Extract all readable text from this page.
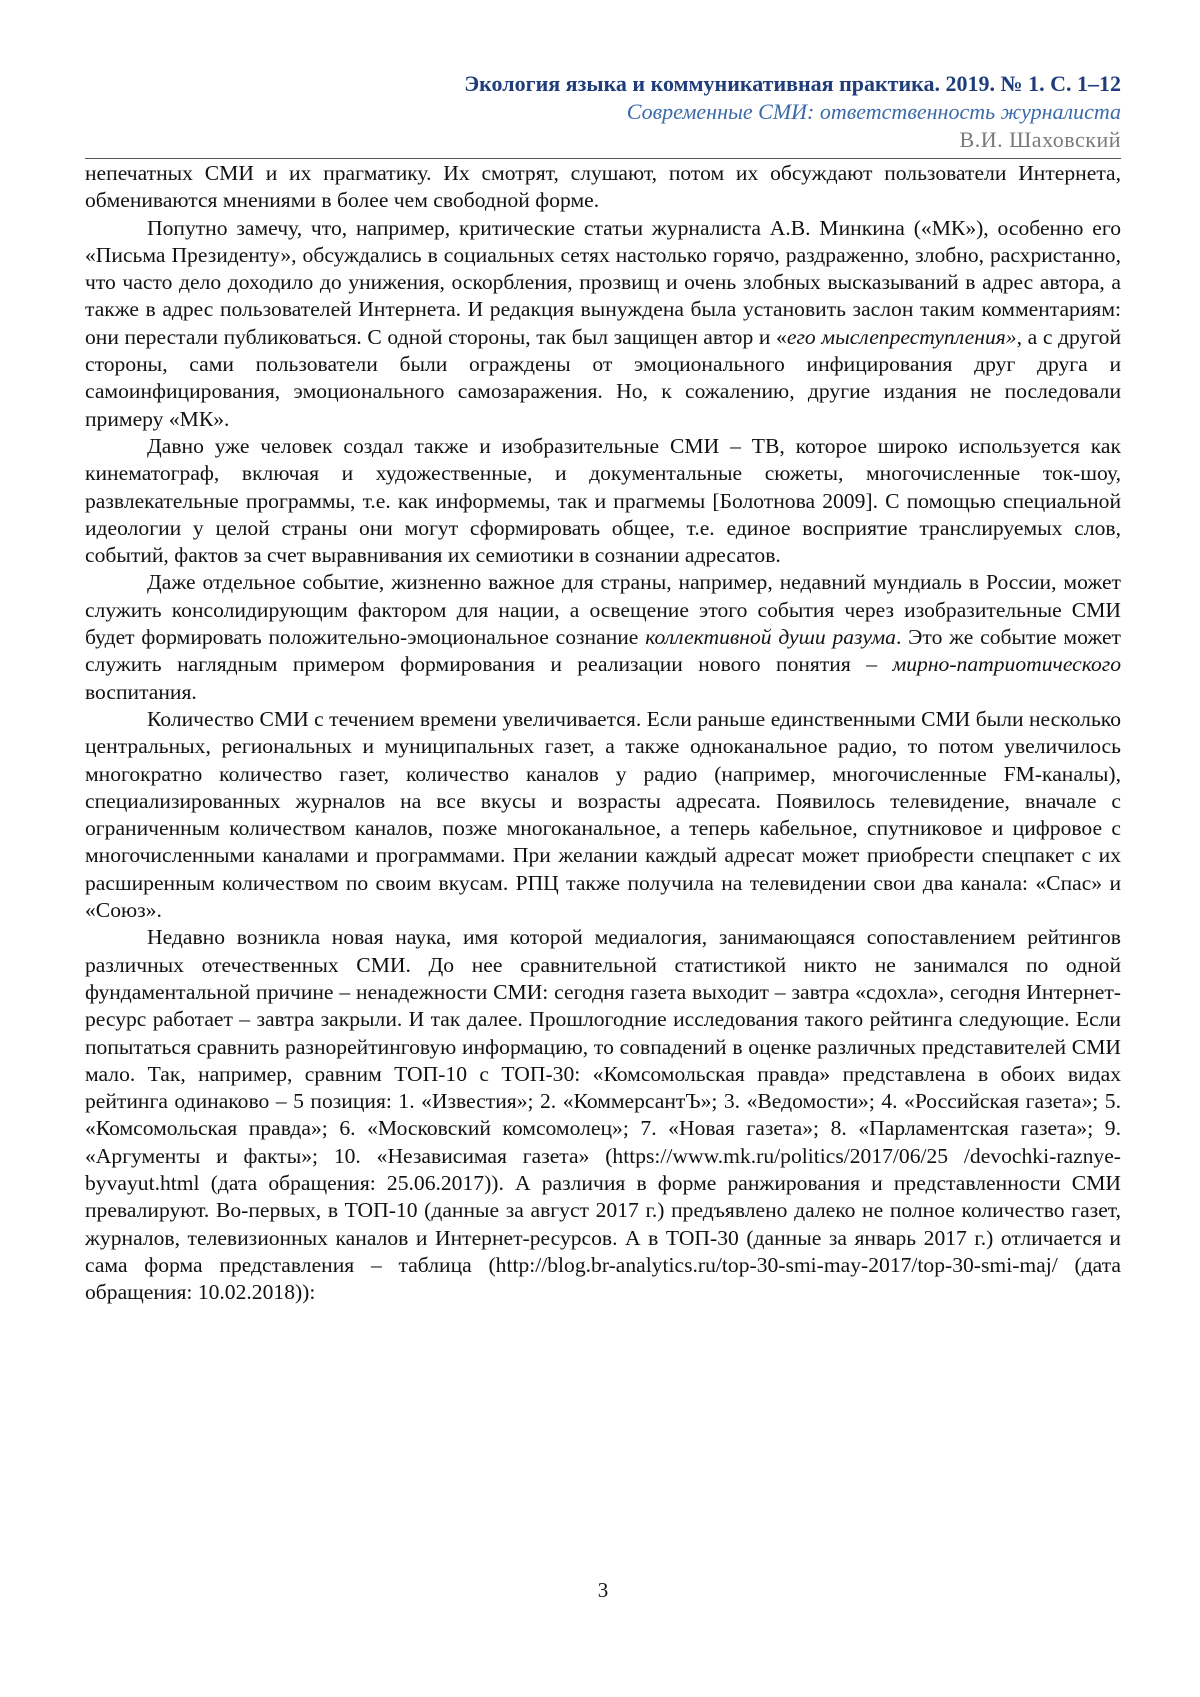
Экология языка и коммуникативная практика. 2019. № 1. С. 1–12
Современные СМИ: ответственность журналиста
В.И. Шаховский

непечатных СМИ и их прагматику. Их смотрят, слушают, потом их обсуждают пользователи Интернета, обмениваются мнениями в более чем свободной форме.

Попутно замечу, что, например, критические статьи журналиста А.В. Минкина («МК»), особенно его «Письма Президенту», обсуждались в социальных сетях настолько горячо, раздраженно, злобно, расхристанно, что часто дело доходило до унижения, оскорбления, прозвищ и очень злобных высказываний в адрес автора, а также в адрес пользователей Интернета. И редакция вынуждена была установить заслон таким комментариям: они перестали публиковаться. С одной стороны, так был защищен автор и «его мыслепреступления», а с другой стороны, сами пользователи были ограждены от эмоционального инфицирования друг друга и самоинфицирования, эмоционального самозаражения. Но, к сожалению, другие издания не последовали примеру «МК».

Давно уже человек создал также и изобразительные СМИ – ТВ, которое широко используется как кинематограф, включая и художественные, и документальные сюжеты, многочисленные ток-шоу, развлекательные программы, т.е. как информемы, так и прагмемы [Болотнова 2009]. С помощью специальной идеологии у целой страны они могут сформировать общее, т.е. единое восприятие транслируемых слов, событий, фактов за счет выравнивания их семиотики в сознании адресатов.

Даже отдельное событие, жизненно важное для страны, например, недавний мундиаль в России, может служить консолидирующим фактором для нации, а освещение этого события через изобразительные СМИ будет формировать положительно-эмоциональное сознание коллективной души разума. Это же событие может служить наглядным примером формирования и реализации нового понятия – мирно-патриотического воспитания.

Количество СМИ с течением времени увеличивается. Если раньше единственными СМИ были несколько центральных, региональных и муниципальных газет, а также одноканальное радио, то потом увеличилось многократно количество газет, количество каналов у радио (например, многочисленные FM-каналы), специализированных журналов на все вкусы и возрасты адресата. Появилось телевидение, вначале с ограниченным количеством каналов, позже многоканальное, а теперь кабельное, спутниковое и цифровое с многочисленными каналами и программами. При желании каждый адресат может приобрести спецпакет с их расширенным количеством по своим вкусам. РПЦ также получила на телевидении свои два канала: «Спас» и «Союз».

Недавно возникла новая наука, имя которой медиалогия, занимающаяся сопоставлением рейтингов различных отечественных СМИ. До нее сравнительной статистикой никто не занимался по одной фундаментальной причине – ненадежности СМИ: сегодня газета выходит – завтра «сдохла», сегодня Интернет-ресурс работает – завтра закрыли. И так далее. Прошлогодние исследования такого рейтинга следующие. Если попытаться сравнить разнорейтинговую информацию, то совпадений в оценке различных представителей СМИ мало. Так, например, сравним ТОП-10 с ТОП-30: «Комсомольская правда» представлена в обоих видах рейтинга одинаково – 5 позиция: 1. «Известия»; 2. «КоммерсантЪ»; 3. «Ведомости»; 4. «Российская газета»; 5. «Комсомольская правда»; 6. «Московский комсомолец»; 7. «Новая газета»; 8. «Парламентская газета»; 9. «Аргументы и факты»; 10. «Независимая газета» (https://www.mk.ru/politics/2017/06/25 /devochki-raznye-byvayut.html (дата обращения: 25.06.2017)). А различия в форме ранжирования и представленности СМИ превалируют. Во-первых, в ТОП-10 (данные за август 2017 г.) предъявлено далеко не полное количество газет, журналов, телевизионных каналов и Интернет-ресурсов. А в ТОП-30 (данные за январь 2017 г.) отличается и сама форма представления – таблица (http://blog.br-analytics.ru/top-30-smi-may-2017/top-30-smi-maj/ (дата обращения: 10.02.2018)):

3
